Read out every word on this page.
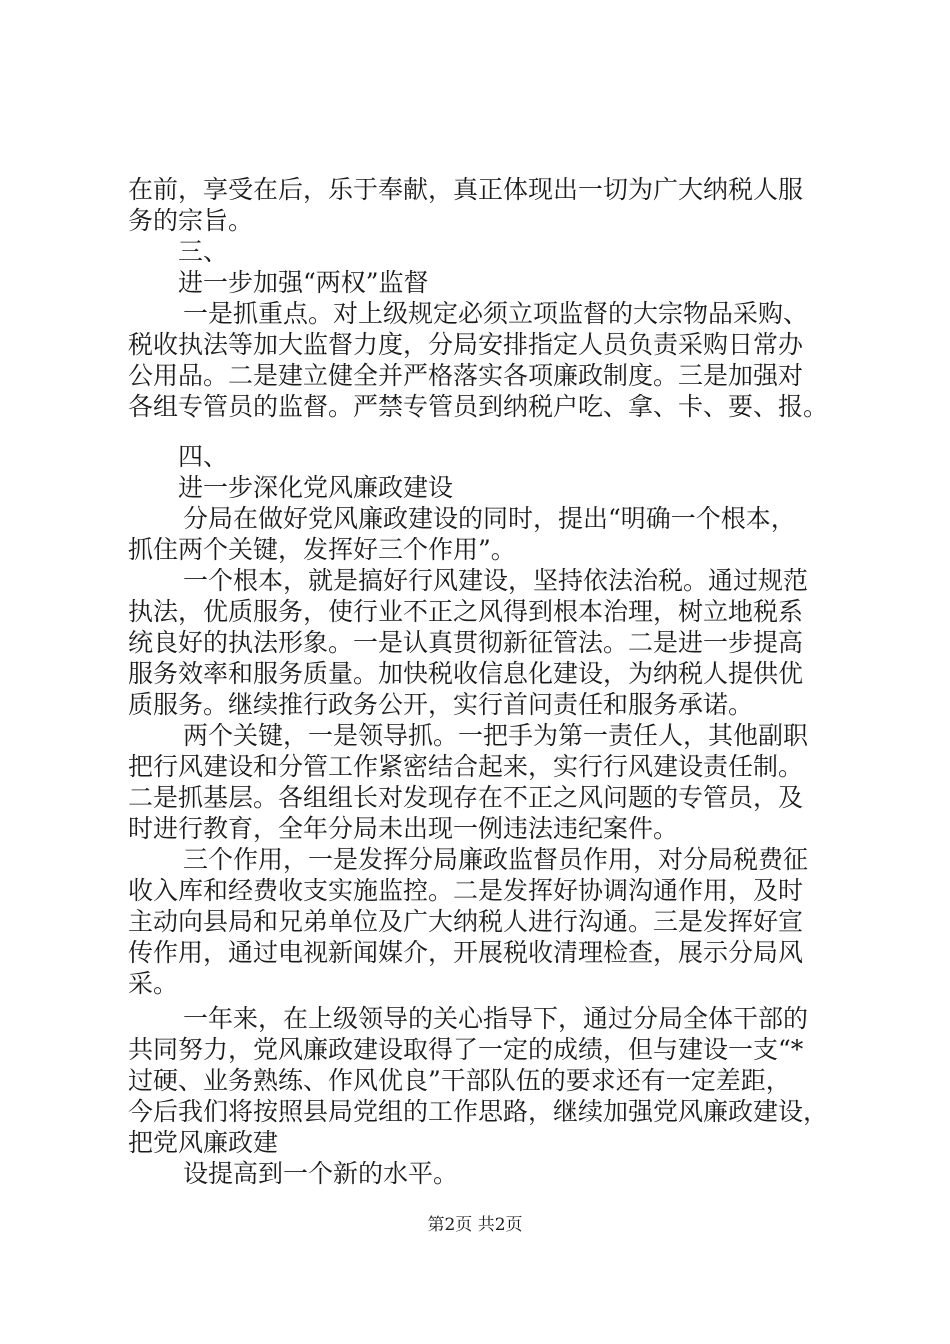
在前，享受在后，乐于奉献，真正体现出一切为广大纳税人服
务的宗旨。
三、
进一步加强“两权”监督
一是抓重点。对上级规定必须立项监督的大宗物品采购、
税收执法等加大监督力度，分局安排指定人员负责采购日常办
公用品。二是建立健全并严格落实各项廉政制度。三是加强对
各组专管员的监督。严禁专管员到纳税户吃、拿、卡、要、报。
四、
进一步深化党风廉政建设
分局在做好党风廉政建设的同时，提出“明确一个根本，
抓住两个关键，发挥好三个作用”。
一个根本，就是搞好行风建设，坚持依法治税。通过规范
执法，优质服务，使行业不正之风得到根本治理，树立地税系
统良好的执法形象。一是认真贯彻新征管法。二是进一步提高
服务效率和服务质量。加快税收信息化建设，为纳税人提供优
质服务。继续推行政务公开，实行首问责任和服务承诺。
两个关键，一是领导抓。一把手为第一责任人，其他副职
把行风建设和分管工作紧密结合起来，实行行风建设责任制。
二是抓基层。各组组长对发现存在不正之风问题的专管员，及
时进行教育，全年分局未出现一例违法违纪案件。
三个作用，一是发挥分局廉政监督员作用，对分局税费征
收入库和经费收支实施监控。二是发挥好协调沟通作用，及时
主动向县局和兄弟单位及广大纳税人进行沟通。三是发挥好宣
传作用，通过电视新闻媒介，开展税收清理检查，展示分局风
采。
一年来，在上级领导的关心指导下，通过分局全体干部的
共同努力，党风廉政建设取得了一定的成绩，但与建设一支“*
过硬、业务熟练、作风优良”干部队伍的要求还有一定差距，
今后我们将按照县局党组的工作思路，继续加强党风廉政建设，
把党风廉政建
设提高到一个新的水平。
第2页 共2页
